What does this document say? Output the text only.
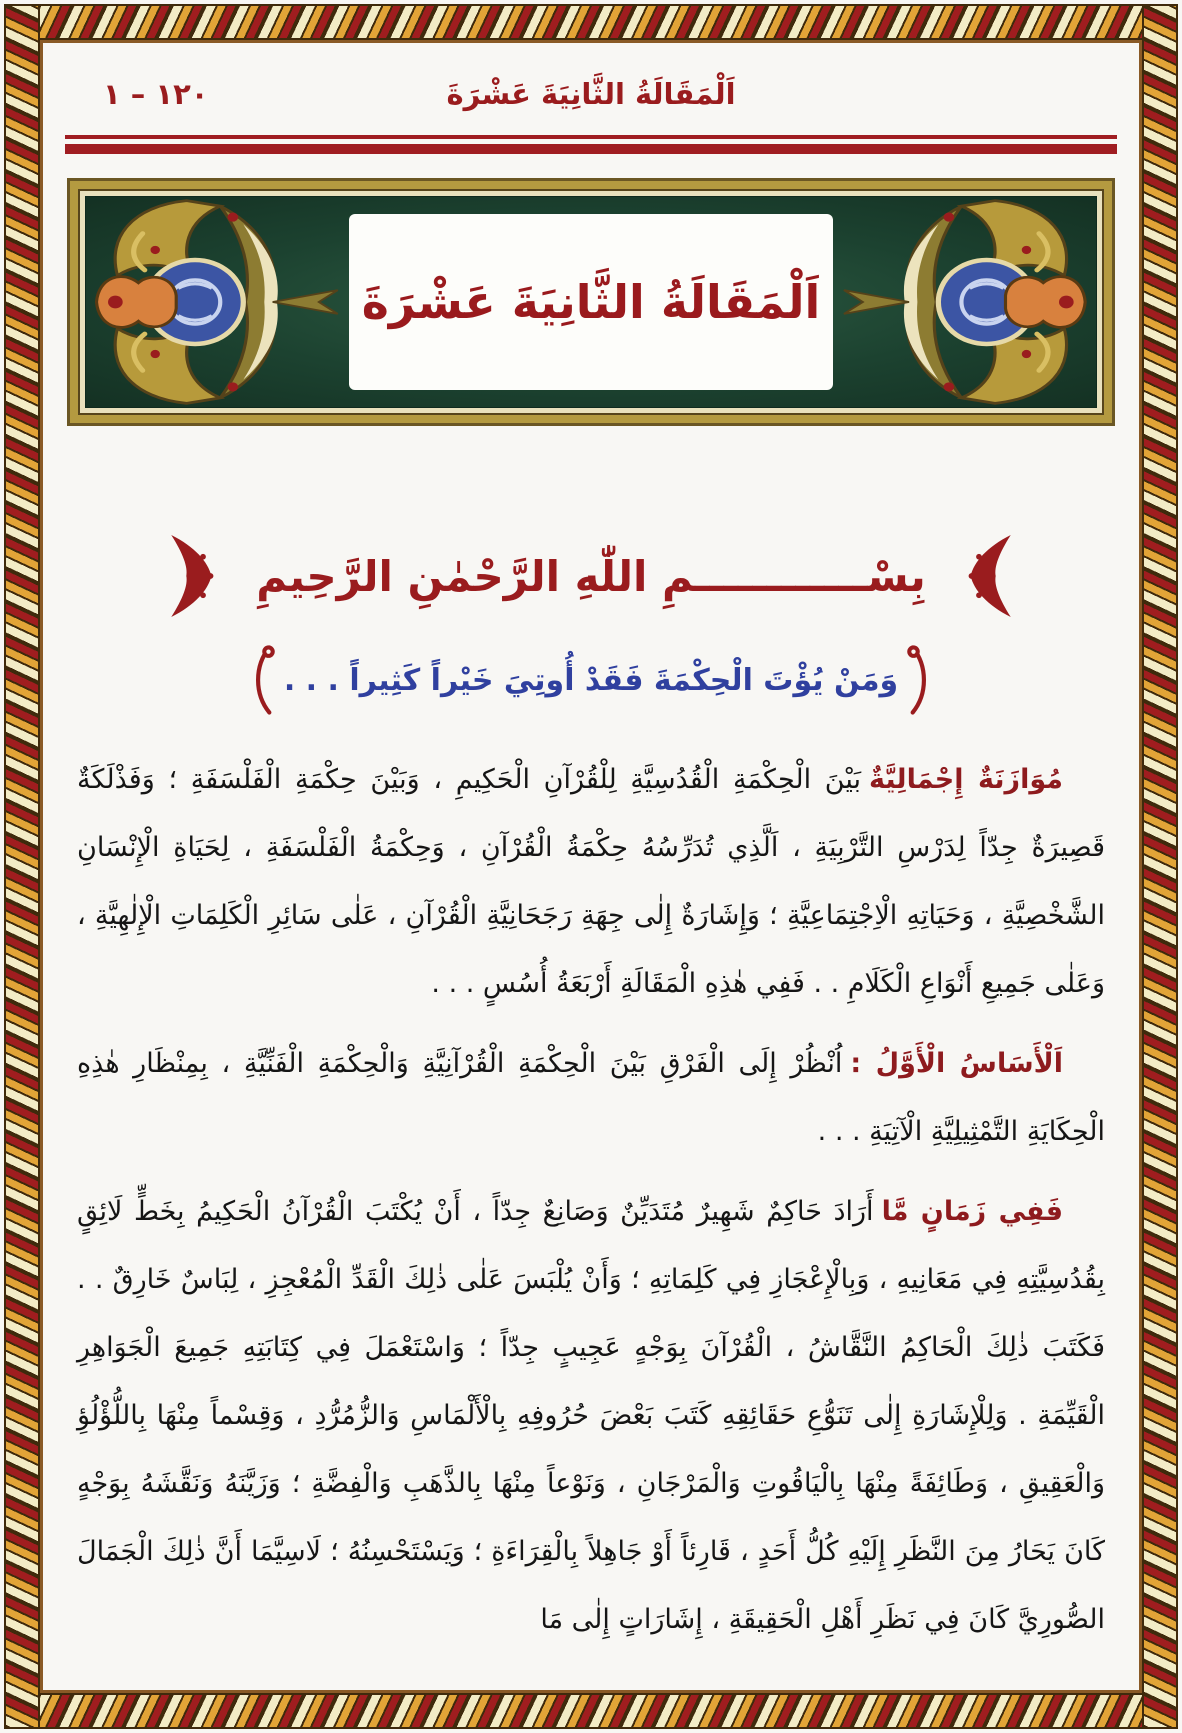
١٢٠ – ١	اَلْمَقَالَةُ الثَّانِيَةَ عَشْرَةَ
اَلْمَقَالَةُ الثَّانِيَةَ عَشْرَةَ
بِسْــــــــــــمِ اللّٰهِ الرَّحْمٰنِ الرَّحِيمِ
وَمَنْ يُؤْتَ الْحِكْمَةَ فَقَدْ أُوتِيَ خَيْراً كَثِيراً . . .

مُوَازَنَةٌ إِجْمَالِيَّةٌبَيْنَ الْحِكْمَةِ الْقُدُسِيَّةِ لِلْقُرْآنِ الْحَكِيمِ ، وَبَيْنَ حِكْمَةِ الْفَلْسَفَةِ ؛ وَفَذْلَكَةٌ قَصِيرَةٌ جِدّاً لِدَرْسِ التَّرْبِيَةِ ، اَلَّذِي تُدَرِّسُهُ حِكْمَةُ الْقُرْآنِ ، وَحِكْمَةُ الْفَلْسَفَةِ ، لِحَيَاةِ الْإِنْسَانِ الشَّخْصِيَّةِ ، وَحَيَاتِهِ الْاِجْتِمَاعِيَّةِ ؛ وَإِشَارَةٌ إِلٰى جِهَةِ رَجَحَانِيَّةِ الْقُرْآنِ ، عَلٰى سَائِرِ الْكَلِمَاتِ الْإِلٰهِيَّةِ ، وَعَلٰى جَمِيعِ أَنْوَاعِ الْكَلَامِ . . فَفِي هٰذِهِ الْمَقَالَةِ أَرْبَعَةُ أُسُسٍ . . .

اَلْأَسَاسُ الْأَوَّلُ :اُنْظُرْ إِلَى الْفَرْقِ بَيْنَ الْحِكْمَةِ الْقُرْآنِيَّةِ وَالْحِكْمَةِ الْفَنِّيَّةِ ، بِمِنْظَارِ هٰذِهِ الْحِكَايَةِ التَّمْثِيلِيَّةِ الْآتِيَةِ . . .

فَفِي زَمَانٍ مَّاأَرَادَ حَاكِمٌ شَهِيرٌ مُتَدَيِّنٌ وَصَانِعٌ جِدّاً ، أَنْ يُكْتَبَ الْقُرْآنُ الْحَكِيمُ بِخَطٍّ لَائِقٍ بِقُدُسِيَّتِهِ فِي مَعَانِيهِ ، وَبِالْإِعْجَازِ فِي كَلِمَاتِهِ ؛ وَأَنْ يُلْبَسَ عَلٰى ذٰلِكَ الْقَدِّ الْمُعْجِزِ ، لِبَاسٌ خَارِقٌ . . فَكَتَبَ ذٰلِكَ الْحَاكِمُ النَّقَّاشُ ، الْقُرْآنَ بِوَجْهٍ عَجِيبٍ جِدّاً ؛ وَاسْتَعْمَلَ فِي كِتَابَتِهِ جَمِيعَ الْجَوَاهِرِ الْقَيِّمَةِ . وَلِلْإِشَارَةِ إِلٰى تَنَوُّعِ حَقَائِقِهِ كَتَبَ بَعْضَ حُرُوفِهِ بِالْأَلْمَاسِ وَالزُّمُرُّدِ ، وَقِسْماً مِنْهَا بِاللُّؤْلُؤِ وَالْعَقِيقِ ، وَطَائِفَةً مِنْهَا بِالْيَاقُوتِ وَالْمَرْجَانِ ، وَنَوْعاً مِنْهَا بِالذَّهَبِ وَالْفِضَّةِ ؛ وَزَيَّنَهُ وَنَقَّشَهُ بِوَجْهٍ كَانَ يَحَارُ مِنَ النَّظَرِ إِلَيْهِ كُلُّ أَحَدٍ ، قَارِئاً أَوْ جَاهِلاً بِالْقِرَاءَةِ ؛ وَيَسْتَحْسِنُهُ ؛ لَاسِيَّمَا أَنَّ ذٰلِكَ الْجَمَالَ الصُّورِيَّ كَانَ فِي نَظَرِ أَهْلِ الْحَقِيقَةِ ، إِشَارَاتٍ إِلٰى مَا
